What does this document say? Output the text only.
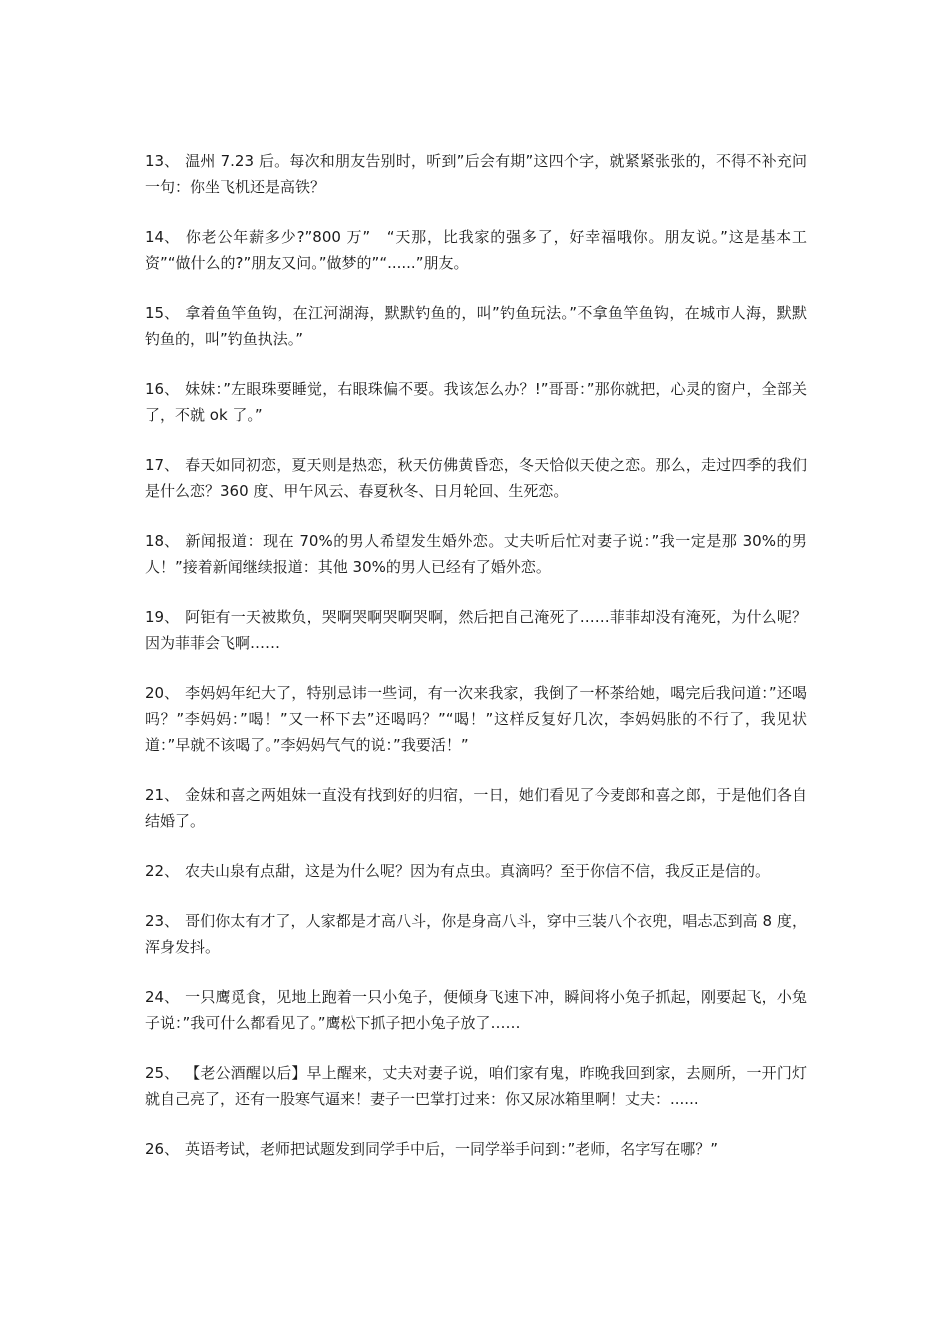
13、 温州 7.23 后。每次和朋友告别时，听到”后会有期”这四个字，就紧紧张张的，不得不补充问一句：你坐飞机还是高铁？

14、 你老公年薪多少?”800 万”　“天那，比我家的强多了，好幸福哦你。朋友说。”这是基本工资”“做什么的?”朋友又问。”做梦的”“......”朋友。

15、 拿着鱼竿鱼钩，在江河湖海，默默钓鱼的，叫”钓鱼玩法。”不拿鱼竿鱼钩，在城市人海，默默钓鱼的，叫”钓鱼执法。”

16、 妹妹：”左眼珠要睡觉，右眼珠偏不要。我该怎么办？!”哥哥：”那你就把，心灵的窗户，全部关了，不就 ok 了。”

17、 春天如同初恋，夏天则是热恋，秋天仿佛黄昏恋，冬天恰似天使之恋。那么，走过四季的我们是什么恋？360 度、甲午风云、春夏秋冬、日月轮回、生死恋。

18、 新闻报道：现在 70%的男人希望发生婚外恋。丈夫听后忙对妻子说：”我一定是那 30%的男人！”接着新闻继续报道：其他 30%的男人已经有了婚外恋。

19、 阿钜有一天被欺负，哭啊哭啊哭啊哭啊，然后把自己淹死了……菲菲却没有淹死，为什么呢？因为菲菲会飞啊……

20、 李妈妈年纪大了，特别忌讳一些词，有一次来我家，我倒了一杯茶给她，喝完后我问道：”还喝吗？”李妈妈：”喝！”又一杯下去”还喝吗？”“喝！”这样反复好几次，李妈妈胀的不行了，我见状道：”早就不该喝了。”李妈妈气气的说：”我要活！”

21、 金妹和喜之两姐妹一直没有找到好的归宿，一日，她们看见了今麦郎和喜之郎，于是他们各自结婚了。

22、 农夫山泉有点甜，这是为什么呢？因为有点虫。真滴吗？至于你信不信，我反正是信的。

23、 哥们你太有才了，人家都是才高八斗，你是身高八斗，穿中三装八个衣兜，唱忐忑到高 8 度，浑身发抖。

24、 一只鹰觅食，见地上跑着一只小兔子，便倾身飞速下冲，瞬间将小兔子抓起，刚要起飞，小兔子说：”我可什么都看见了。”鹰松下抓子把小兔子放了……

25、 【老公酒醒以后】早上醒来，丈夫对妻子说，咱们家有鬼，昨晚我回到家，去厕所，一开门灯就自己亮了，还有一股寒气逼来！妻子一巴掌打过来：你又尿冰箱里啊！丈夫：......

26、 英语考试，老师把试题发到同学手中后，一同学举手问到：”老师，名字写在哪？”
